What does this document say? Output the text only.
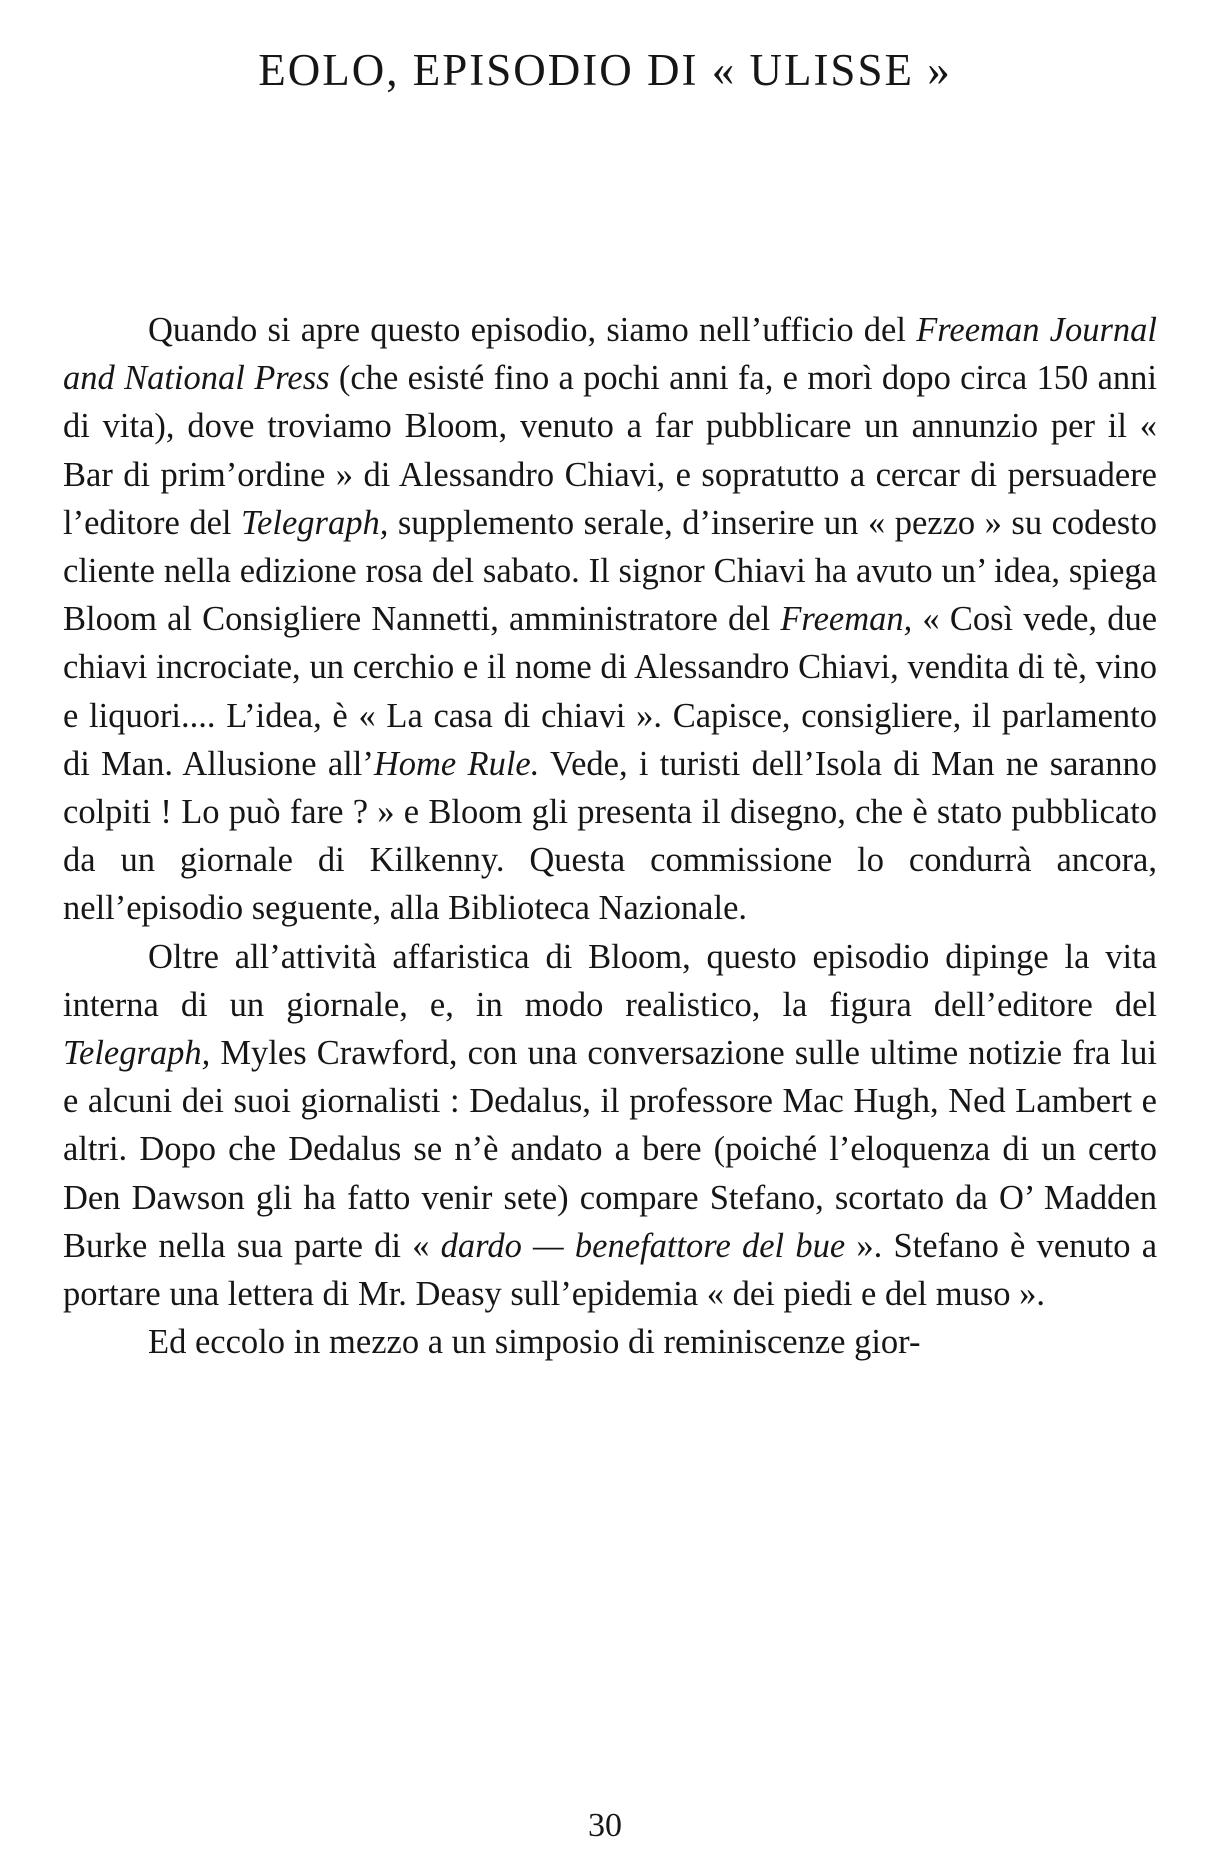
EOLO, EPISODIO DI « ULISSE »

Quando si apre questo episodio, siamo nell’ufficio del Freeman Journal and National Press (che esisté fino a pochi anni fa, e morì dopo circa 150 anni di vita), dove troviamo Bloom, venuto a far pubblicare un annunzio per il « Bar di prim’ordine » di Alessandro Chiavi, e sopratutto a cercar di persuadere l’editore del Telegraph, supplemento serale, d’inserire un « pezzo » su codesto cliente nella edizione rosa del sabato. Il signor Chiavi ha avuto un’ idea, spiega Bloom al Consigliere Nannetti, amministratore del Freeman, « Così vede, due chiavi incrociate, un cerchio e il nome di Alessandro Chiavi, vendita di tè, vino e liquori.... L’idea, è « La casa di chiavi ». Capisce, consigliere, il parlamento di Man. Allusione all’Home Rule. Vede, i turisti dell’Isola di Man ne saranno colpiti ! Lo può fare ? » e Bloom gli presenta il disegno, che è stato pubblicato da un giornale di Kilkenny. Questa commissione lo condurrà ancora, nell’episodio seguente, alla Biblioteca Nazionale.

Oltre all’attività affaristica di Bloom, questo episodio dipinge la vita interna di un giornale, e, in modo realistico, la figura dell’editore del Telegraph, Myles Crawford, con una conversazione sulle ultime notizie fra lui e alcuni dei suoi giornalisti : Dedalus, il professore Mac Hugh, Ned Lambert e altri. Dopo che Dedalus se n’è andato a bere (poiché l’eloquenza di un certo Den Dawson gli ha fatto venir sete) compare Stefano, scortato da O’ Madden Burke nella sua parte di « dardo — benefattore del bue ». Stefano è venuto a portare una lettera di Mr. Deasy sull’epidemia « dei piedi e del muso ».

Ed eccolo in mezzo a un simposio di reminiscenze gior-

30
